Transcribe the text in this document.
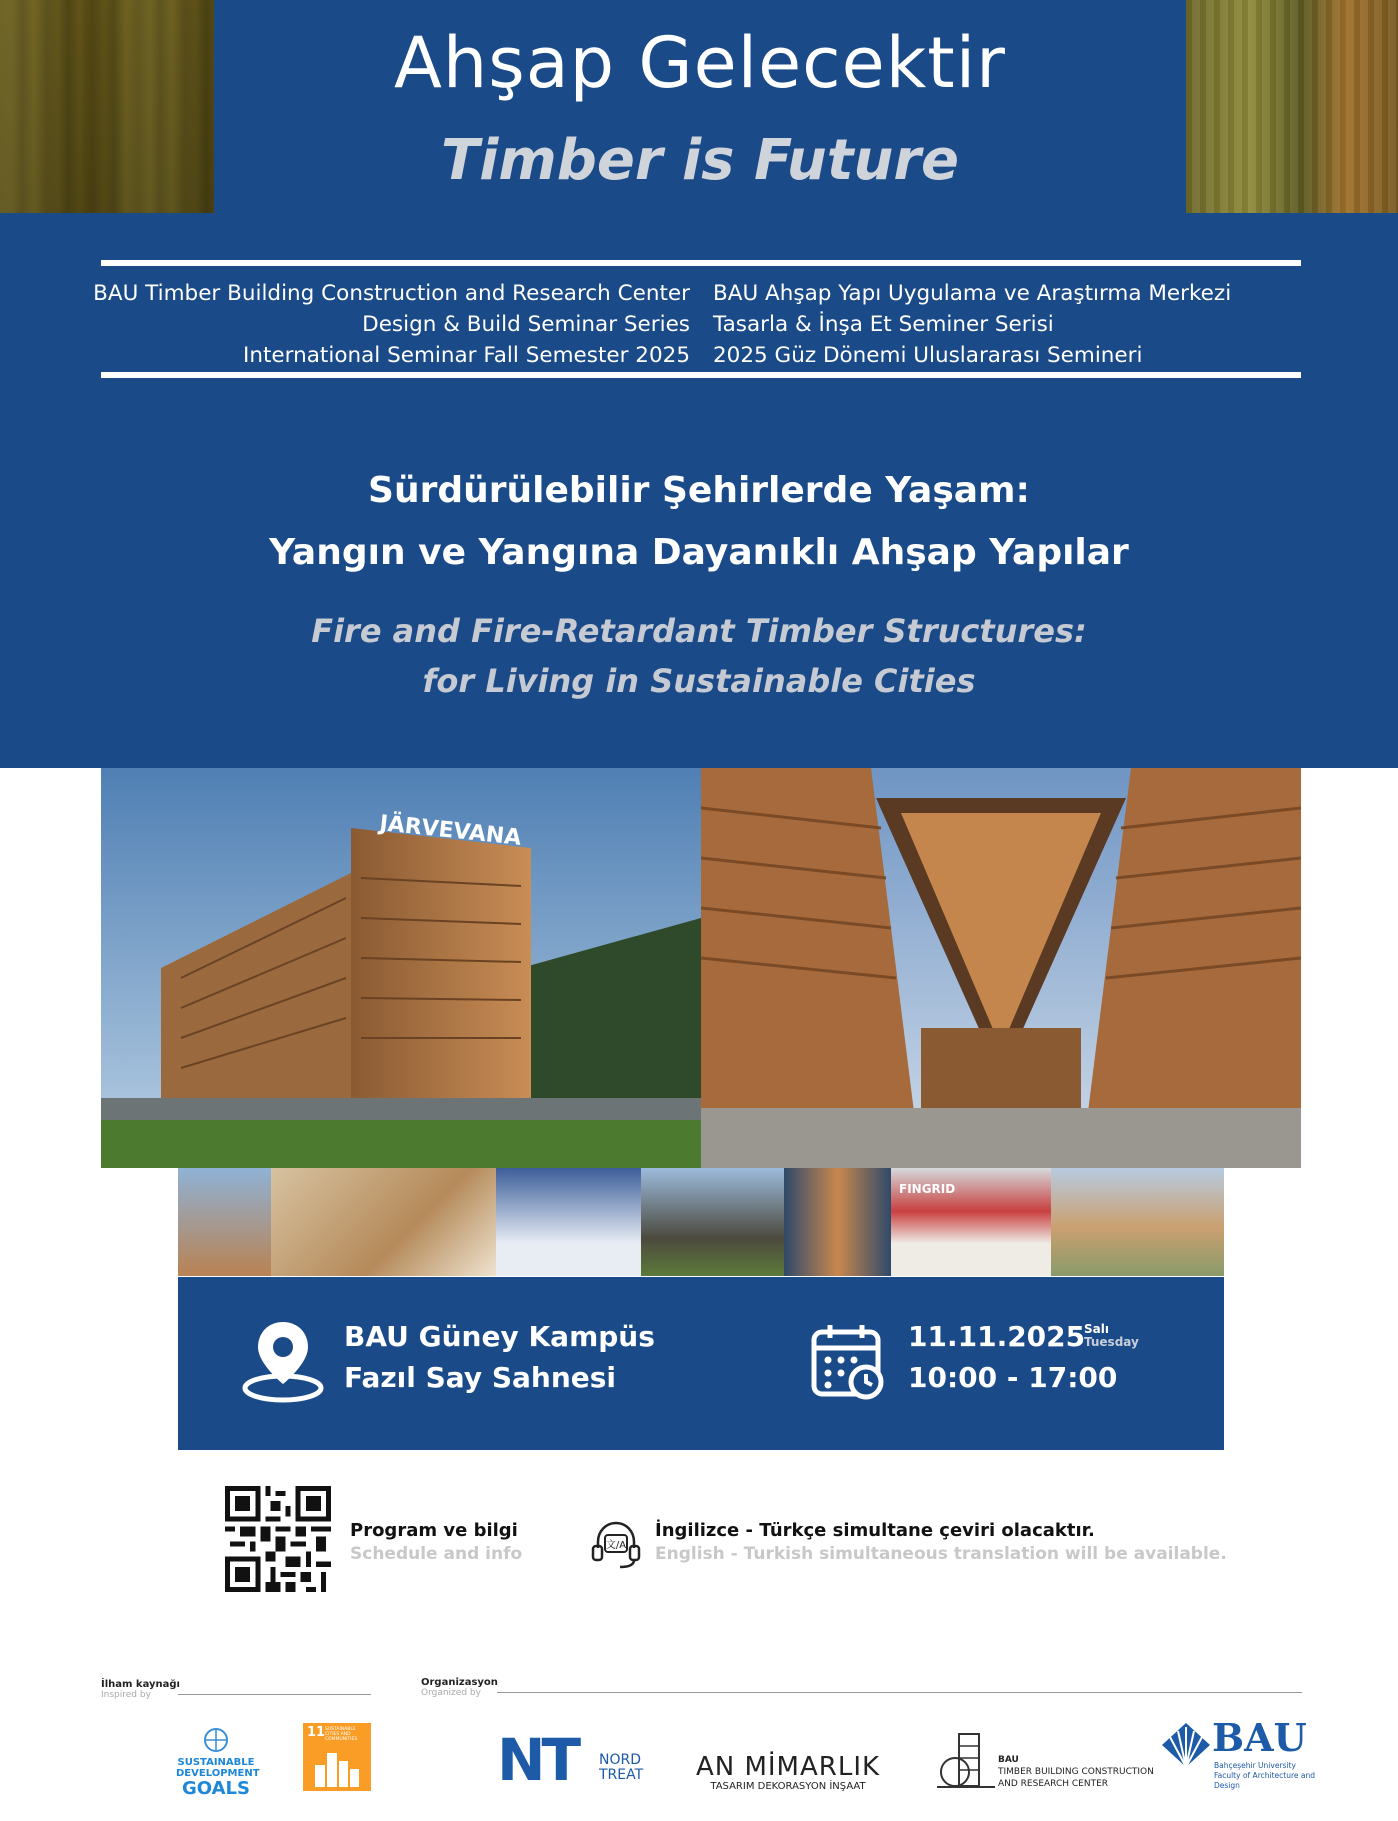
Ahşap Gelecektir
Timber is Future
BAU Timber Building Construction and Research Center
Design & Build Seminar Series
International Seminar Fall Semester 2025
BAU Ahşap Yapı Uygulama ve Araştırma Merkezi
Tasarla & İnşa Et Seminer Serisi
2025 Güz Dönemi Uluslararası Semineri
Sürdürülebilir Şehirlerde Yaşam:
Yangın ve Yangına Dayanıklı Ahşap Yapılar
Fire and Fire-Retardant Timber Structures:
for Living in Sustainable Cities
JÄRVEVANA
FINGRID
BAU Güney Kampüs
Fazıl Say Sahnesi
11.11.2025
10:00 - 17:00
Salı
Tuesday
Program ve bilgi
Schedule and info	文/A
İngilizce - Türkçe simultane çeviri olacaktır.
English - Turkish simultaneous translation will be available.
İlham kaynağı
Inspired by
Organizasyon
Organized by
SUSTAINABLE
DEVELOPMENT
GOALS
11 SUSTAINABLE CITIES AND COMMUNITIES NT NORD
TREAT	AN MİMARLIK
TASARIM DEKORASYON İNŞAAT
BAU
TIMBER BUILDING CONSTRUCTION
AND RESEARCH CENTER
BAU
Bahçeşehir University
Faculty of Architecture and
Design
